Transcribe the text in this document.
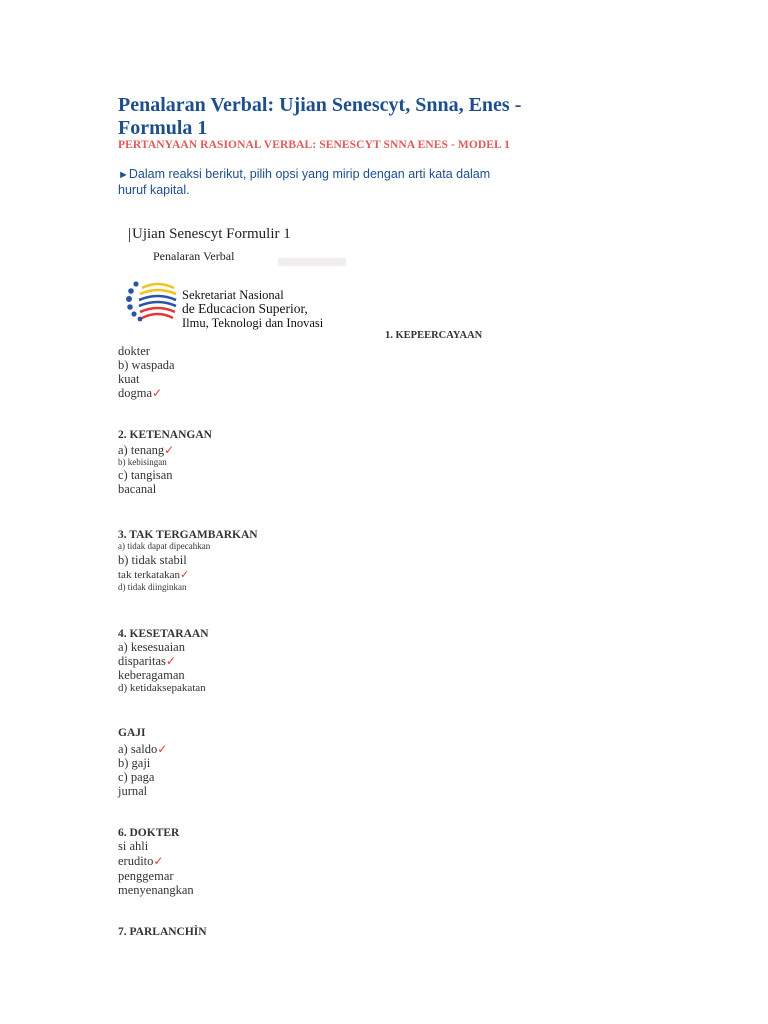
Penalaran Verbal: Ujian Senescyt, Snna, Enes - Formula 1

PERTANYAAN RASIONAL VERBAL: SENESCYT SNNA ENES - MODEL 1

►Dalam reaksi berikut, pilih opsi yang mirip dengan arti kata dalam huruf kapital.

Ujian Senescyt Formulir 1
Penalaran Verbal
Sekretariat Nasional
de Educacion Superior,
Ilmu, Teknologi dan Inovasi
1. KEPEERCAYAAN
dokter
b) waspada
kuat
dogma✓
2. KETENANGAN
a) tenang✓
b) kebisingan
c) tangisan
bacanal
3. TAK TERGAMBARKAN
a) tidak dapat dipecahkan
b) tidak stabil
tak terkatakan✓
d) tidak diinginkan
4. KESETARAAN
a) kesesuaian
disparitas✓
keberagaman
d) ketidaksepakatan
GAJI
a) saldo✓
b) gaji
c) paga
jurnal
6. DOKTER
si ahli
erudito✓
penggemar
menyenangkan
7. PARLANCHÌN
